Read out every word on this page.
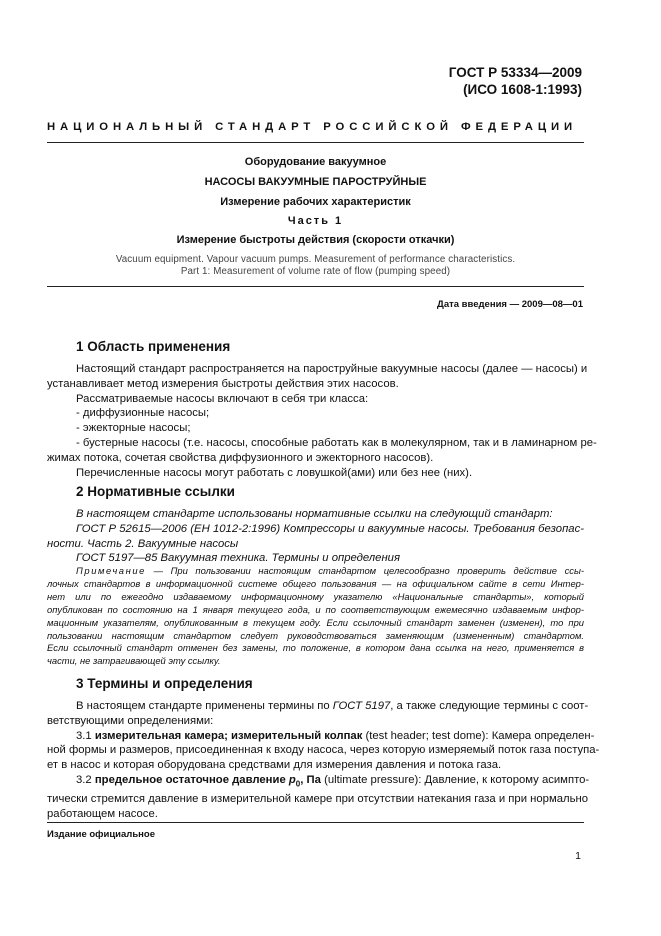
ГОСТ Р 53334—2009
(ИСО 1608-1:1993)
НАЦИОНАЛЬНЫЙ СТАНДАРТ РОССИЙСКОЙ ФЕДЕРАЦИИ
Оборудование вакуумное
НАСОСЫ ВАКУУМНЫЕ ПАРОСТРУЙНЫЕ
Измерение рабочих характеристик
Часть 1
Измерение быстроты действия (скорости откачки)
Vacuum equipment. Vapour vacuum pumps. Measurement of performance characteristics.
Part 1: Measurement of volume rate of flow (pumping speed)
Дата введения — 2009—08—01
1 Область применения
Настоящий стандарт распространяется на пароструйные вакуумные насосы (далее — насосы) и
устанавливает метод измерения быстроты действия этих насосов.
Рассматриваемые насосы включают в себя три класса:
- диффузионные насосы;
- эжекторные насосы;
- бустерные насосы (т.е. насосы, способные работать как в молекулярном, так и в ламинарном ре-
жимах потока, сочетая свойства диффузионного и эжекторного насосов).
Перечисленные насосы могут работать с ловушкой(ами) или без нее (них).
2 Нормативные ссылки
В настоящем стандарте использованы нормативные ссылки на следующий стандарт:
ГОСТ Р 52615—2006 (ЕН 1012-2:1996) Компрессоры и вакуумные насосы. Требования безопас-
ности. Часть 2. Вакуумные насосы
ГОСТ 5197—85 Вакуумная техника. Термины и определения
Примечание — При пользовании настоящим стандартом целесообразно проверить действие ссы-
лочных стандартов в информационной системе общего пользования — на официальном сайте в сети Интер-
нет или по ежегодно издаваемому информационному указателю «Национальные стандарты», который
опубликован по состоянию на 1 января текущего года, и по соответствующим ежемесячно издаваемым инфор-
мационным указателям, опубликованным в текущем году. Если ссылочный стандарт заменен (изменен), то при
пользовании настоящим стандартом следует руководствоваться заменяющим (измененным) стандартом.
Если ссылочный стандарт отменен без замены, то положение, в котором дана ссылка на него, применяется в
части, не затрагивающей эту ссылку.
3 Термины и определения
В настоящем стандарте применены термины по ГОСТ 5197, а также следующие термины с соот-
ветствующими определениями:
3.1 измерительная камера; измерительный колпак (test header; test dome): Камера определен-
ной формы и размеров, присоединенная к входу насоса, через которую измеряемый поток газа поступа-
ет в насос и которая оборудована средствами для измерения давления и потока газа.
3.2 предельное остаточное давление $p_0$, Па (ultimate pressure): Давление, к которому асимпто-
тически стремится давление в измерительной камере при отсутствии натекания газа и при нормально
работающем насосе.
Издание официальное
1
